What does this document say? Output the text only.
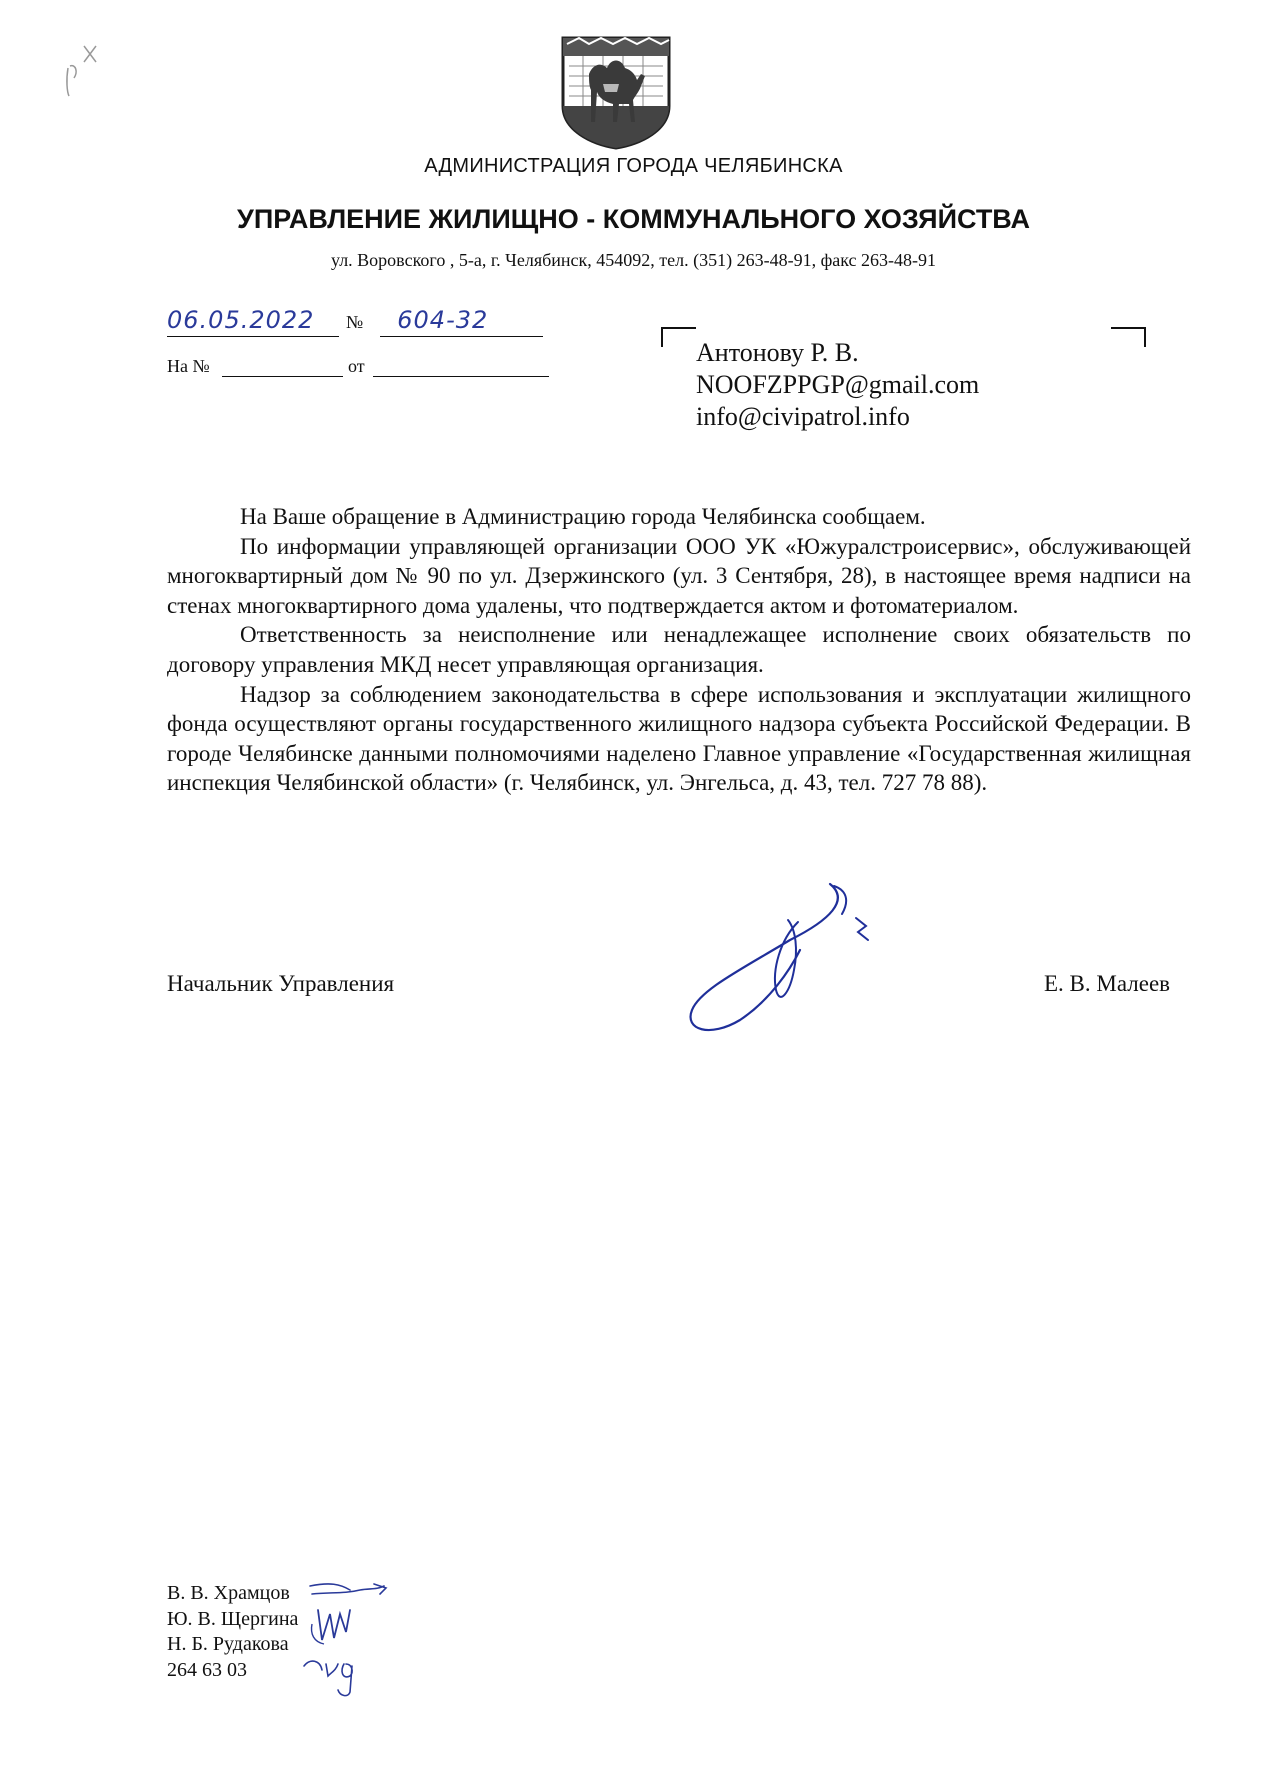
АДМИНИСТРАЦИЯ ГОРОДА ЧЕЛЯБИНСКА
УПРАВЛЕНИЕ ЖИЛИЩНО - КОММУНАЛЬНОГО ХОЗЯЙСТВА
ул. Воровского , 5-а, г. Челябинск, 454092, тел. (351) 263-48-91, факс 263-48-91
06.05.2022	№	604-32
На №	от	Антонову Р. В.
NOOFZPPGP@gmail.com
info@civipatrol.info

На Ваше обращение в Администрацию города Челябинска сообщаем.

По информации управляющей организации ООО УК «Южуралстроисервис», обслуживающей многоквартирный дом № 90 по ул. Дзержинского (ул. 3 Сентября, 28), в настоящее время надписи на стенах многоквартирного дома удалены, что подтверждается актом и фотоматериалом.

Ответственность за неисполнение или ненадлежащее исполнение своих обязательств по договору управления МКД несет управляющая организация.

Надзор за соблюдением законодательства в сфере использования и эксплуатации жилищного фонда осуществляют органы государственного жилищного надзора субъекта Российской Федерации. В городе Челябинске данными полномочиями наделено Главное управление «Государственная жилищная инспекция Челябинской области» (г. Челябинск, ул. Энгельса, д. 43, тел. 727 78 88).

Начальник Управления	Е. В. Малеев
В. В. Храмцов
Ю. В. Щергина
Н. Б. Рудакова
264 63 03
